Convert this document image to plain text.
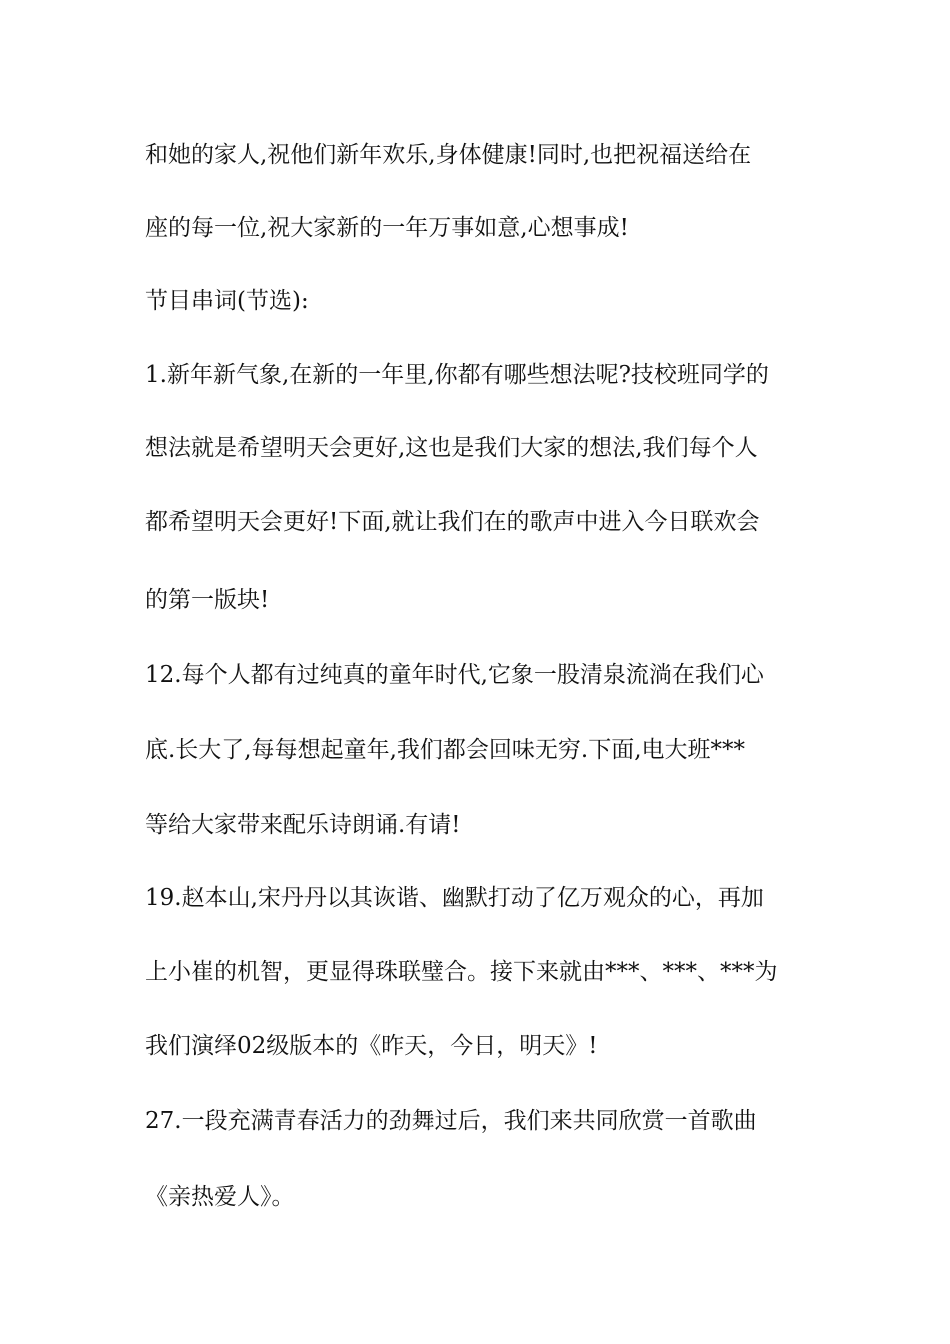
和她的家人,祝他们新年欢乐,身体健康!同时,也把祝福送给在
座的每一位,祝大家新的一年万事如意,心想事成!
节目串词(节选):
1.新年新气象,在新的一年里,你都有哪些想法呢?技校班同学的
想法就是希望明天会更好,这也是我们大家的想法,我们每个人
都希望明天会更好!下面,就让我们在的歌声中进入今日联欢会
的第一版块!
12.每个人都有过纯真的童年时代,它象一股清泉流淌在我们心
底.长大了,每每想起童年,我们都会回味无穷.下面,电大班***
等给大家带来配乐诗朗诵.有请!
19.赵本山,宋丹丹以其诙谐、幽默打动了亿万观众的心，再加
上小崔的机智，更显得珠联璧合。接下来就由***、***、***为
我们演绎02级版本的《昨天，今日，明天》!
27.一段充满青春活力的劲舞过后，我们来共同欣赏一首歌曲
《亲热爱人》。
